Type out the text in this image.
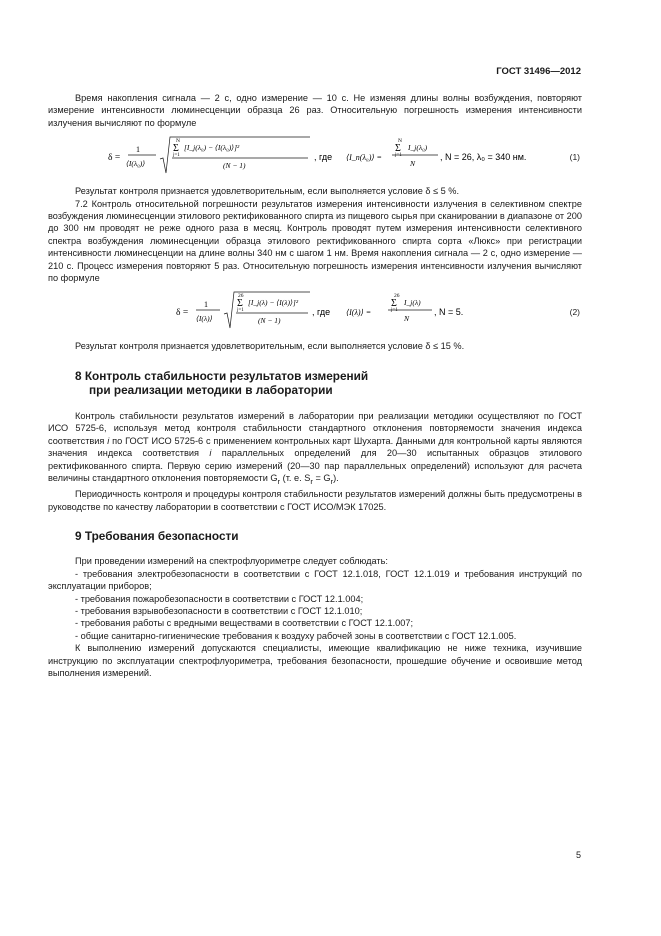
ГОСТ 31496—2012

Время накопления сигнала — 2 с, одно измерение — 10 с. Не изменяя длины волны возбуждения, повторяют измерение интенсивности люминесценции образца 26 раз. Относительную погрешность измерения интенсивности излучения вычисляют по формуле

δ =
1
⟨I(λ₀)⟩
N
Σ
j=1
[I_j(λ₀) − ⟨I(λ₀)⟩]²
(N − 1)
, где ⟨I_n(λ₀)⟩ =
N
Σ
j=1
I_j(λ₀)
N
, N = 26, λ₀ = 340 нм.	(1)

Результат контроля признается удовлетворительным, если выполняется условие δ ≤ 5 %.

7.2 Контроль относительной погрешности результатов измерения интенсивности излучения в селективном спектре возбуждения люминесценции этилового ректификованного спирта из пищевого сырья при сканировании в диапазоне от 200 до 300 нм проводят не реже одного раза в месяц. Контроль проводят путем измерения интенсивности селективного спектра возбуждения люминесценции образца этилового ректификованного спирта сорта «Люкс» при регистрации интенсивности люминесценции на длине волны 340 нм с шагом 1 нм. Время накопления сигнала — 2 с, одно измерение — 210 с. Процесс измерения повторяют 5 раз. Относительную погрешность измерения интенсивности излучения вычисляют по формуле

δ =
1
⟨I(λ)⟩
26
Σ
j=1
[I_j(λ) − ⟨I(λ)⟩]²
(N − 1)
, где ⟨I(λ)⟩ =
26
Σ
j=1
I_j(λ)
N
, N = 5.	(2)

Результат контроля признается удовлетворительным, если выполняется условие δ ≤ 15 %.

8 Контроль стабильности результатов измерений
при реализации методики в лаборатории

Контроль стабильности результатов измерений в лаборатории при реализации методики осуществляют по ГОСТ ИСО 5725-6, используя метод контроля стабильности стандартного отклонения повторяемости значения индекса соответствия i по ГОСТ ИСО 5725-6 с применением контрольных карт Шухарта. Данными для контрольной карты являются значения индекса соответствия i параллельных определений для 20—30 испытанных образцов этилового ректификованного спирта. Первую серию измерений (20—30 пар параллельных определений) используют для расчета величины стандартного отклонения повторяемости $G_r$ (т. е. $S_r = G_r$).

Периодичность контроля и процедуры контроля стабильности результатов измерений должны быть предусмотрены в руководстве по качеству лаборатории в соответствии с ГОСТ ИСО/МЭК 17025.

9 Требования безопасности

При проведении измерений на спектрофлуориметре следует соблюдать:

- требования электробезопасности в соответствии с ГОСТ 12.1.018, ГОСТ 12.1.019 и требования инструкций по эксплуатации приборов;

- требования пожаробезопасности в соответствии с ГОСТ 12.1.004;

- требования взрывобезопасности в соответствии с ГОСТ 12.1.010;

- требования работы с вредными веществами в соответствии с ГОСТ 12.1.007;

- общие санитарно-гигиенические требования к воздуху рабочей зоны в соответствии с ГОСТ 12.1.005.

К выполнению измерений допускаются специалисты, имеющие квалификацию не ниже техника, изучившие инструкцию по эксплуатации спектрофлуориметра, требования безопасности, прошедшие обучение и освоившие метод выполнения измерений.

5
